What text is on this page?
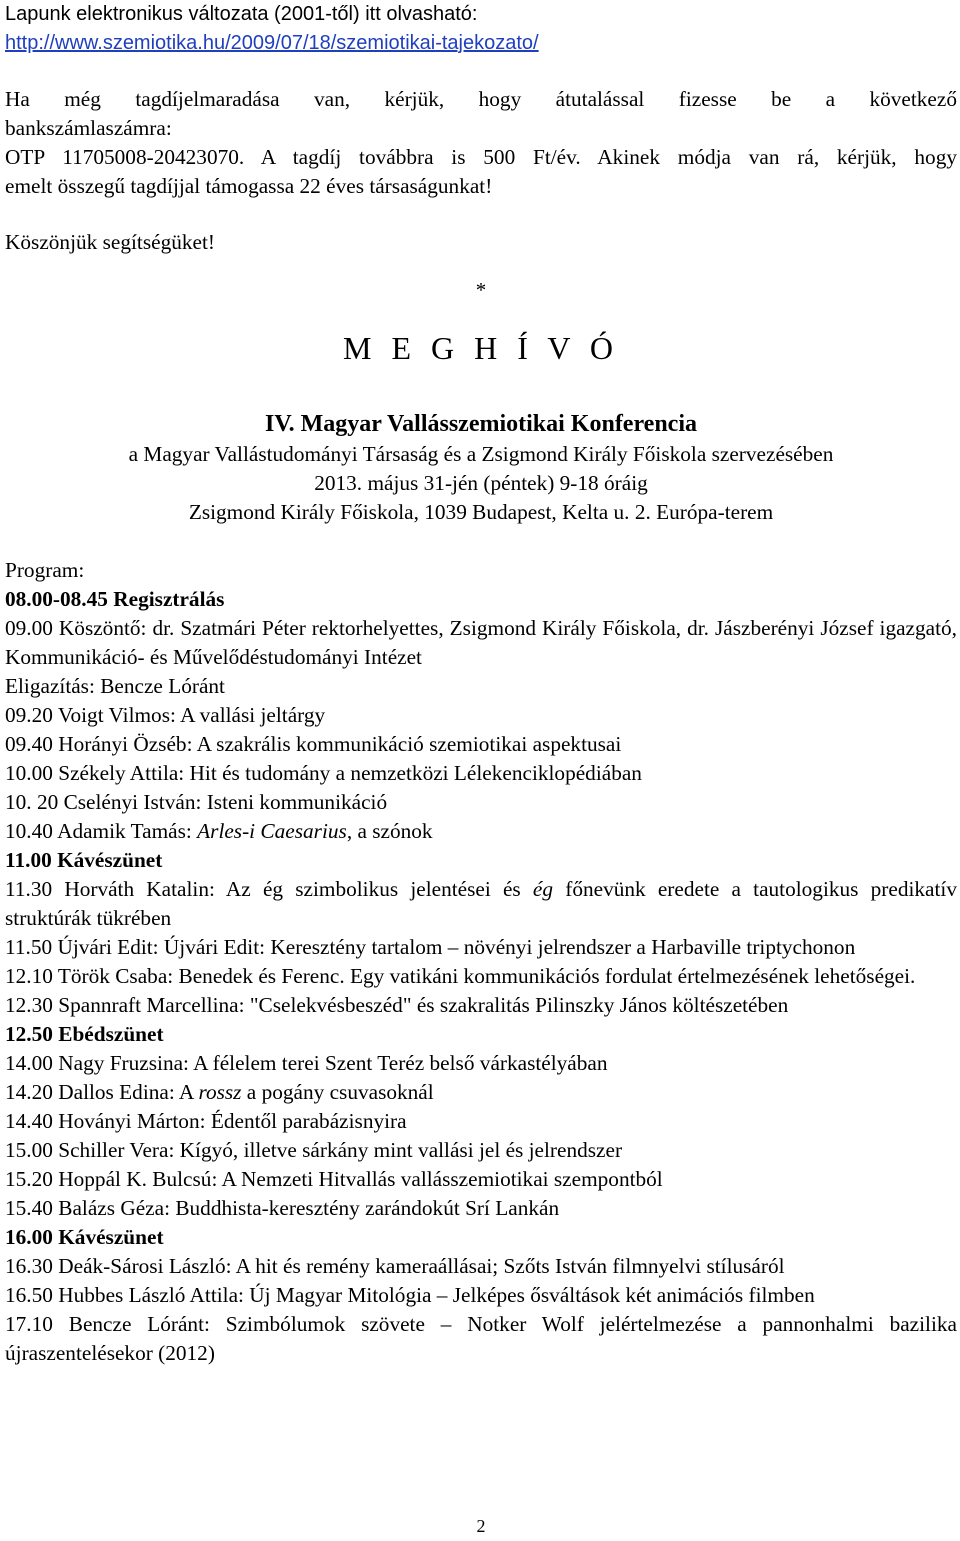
Lapunk elektronikus változata (2001-től) itt olvasható:
http://www.szemiotika.hu/2009/07/18/szemiotikai-tajekozato/
Ha még tagdíjelmaradása van, kérjük, hogy átutalással fizesse be a következő
bankszámlaszámra:
OTP 11705008-20423070. A tagdíj továbbra is 500 Ft/év. Akinek módja van rá, kérjük, hogy
emelt összegű tagdíjjal támogassa 22 éves társaságunkat!
Köszönjük segítségüket!
*
M E G H Í V Ó
IV. Magyar Vallásszemiotikai Konferencia
a Magyar Vallástudományi Társaság és a Zsigmond Király Főiskola szervezésében
2013. május 31-jén (péntek) 9-18 óráig
Zsigmond Király Főiskola, 1039 Budapest, Kelta u. 2. Európa-terem
Program:
08.00-08.45 Regisztrálás
09.00 Köszöntő: dr. Szatmári Péter rektorhelyettes, Zsigmond Király Főiskola, dr. Jászberényi József igazgató, Kommunikáció- és Művelődéstudományi Intézet
Eligazítás: Bencze Lóránt
09.20 Voigt Vilmos: A vallási jeltárgy
09.40 Horányi Özséb: A szakrális kommunikáció szemiotikai aspektusai
10.00 Székely Attila: Hit és tudomány a nemzetközi Lélekenciklopédiában
10. 20 Cselényi István: Isteni kommunikáció
10.40 Adamik Tamás: Arles-i Caesarius, a szónok
11.00 Kávészünet
11.30 Horváth Katalin: Az ég szimbolikus jelentései és ég főnevünk eredete a tautologikus predikatív struktúrák tükrében
11.50 Újvári Edit: Újvári Edit: Keresztény tartalom – növényi jelrendszer a Harbaville triptychonon
12.10 Török Csaba: Benedek és Ferenc. Egy vatikáni kommunikációs fordulat értelmezésének lehetőségei.
12.30 Spannraft Marcellina: "Cselekvésbeszéd" és szakralitás Pilinszky János költészetében
12.50 Ebédszünet
14.00 Nagy Fruzsina: A félelem terei Szent Teréz belső várkastélyában
14.20 Dallos Edina: A rossz a pogány csuvasoknál
14.40 Hoványi Márton: Édentől parabázisnyira
15.00 Schiller Vera: Kígyó, illetve sárkány mint vallási jel és jelrendszer
15.20 Hoppál K. Bulcsú: A Nemzeti Hitvallás vallásszemiotikai szempontból
15.40 Balázs Géza: Buddhista-keresztény zarándokút Srí Lankán
16.00 Kávészünet
16.30 Deák-Sárosi László: A hit és remény kameraállásai; Szőts István filmnyelvi stílusáról
16.50 Hubbes László Attila: Új Magyar Mitológia – Jelképes ősváltások két animációs filmben
17.10 Bencze Lóránt: Szimbólumok szövete – Notker Wolf jelértelmezése a pannonhalmi bazilika újraszentelésekor (2012)
2
